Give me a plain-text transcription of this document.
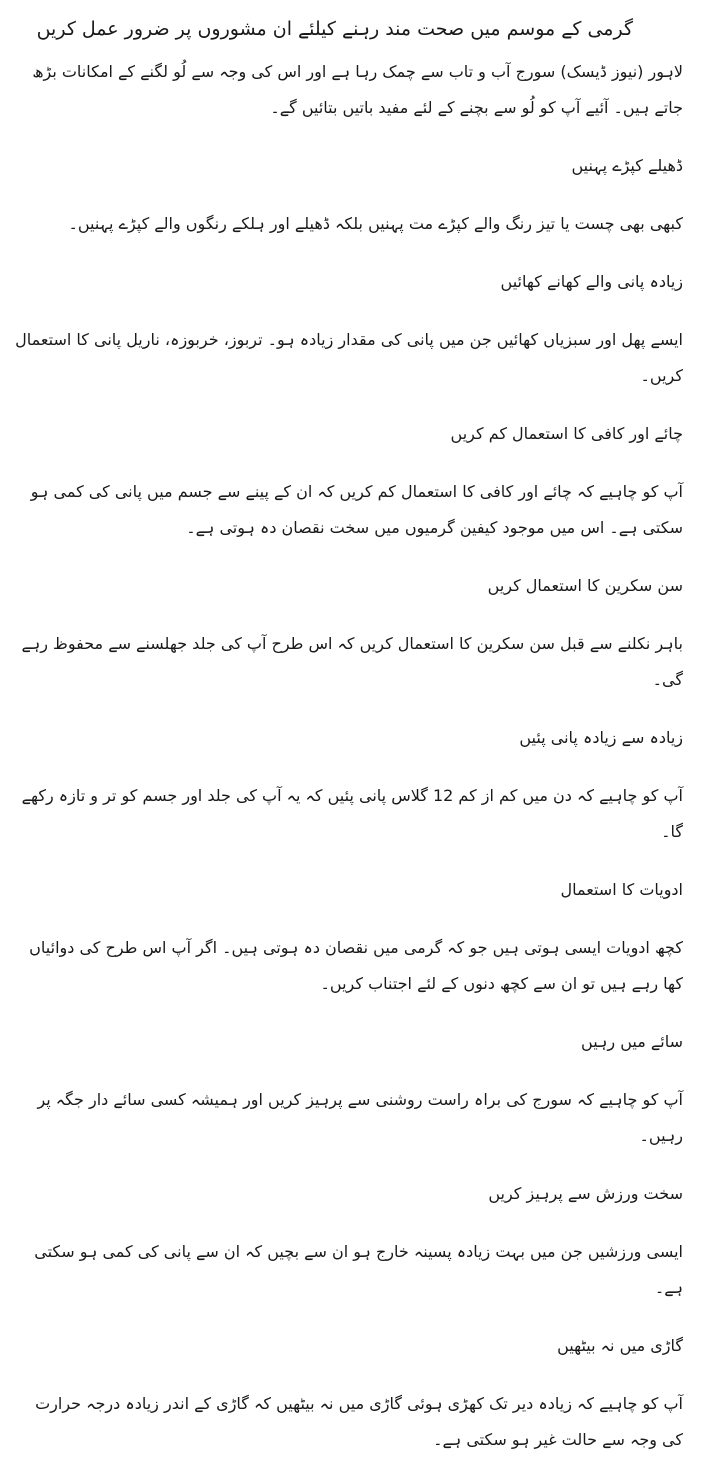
گرمی کے موسم میں صحت مند رہنے کیلئے ان مشوروں پر ضرور عمل کریں

لاہور (نیوز ڈیسک) سورج آب و تاب سے چمک رہا ہے اور اس کی وجہ سے لُو لگنے کے امکانات بڑھ جاتے ہیں۔ آئیے آپ کو لُو سے بچنے کے لئے مفید باتیں بتائیں گے۔

ڈھیلے کپڑے پہنیں

کبھی بھی چست یا تیز رنگ والے کپڑے مت پہنیں بلکہ ڈھیلے اور ہلکے رنگوں والے کپڑے پہنیں۔

زیادہ پانی والے کھانے کھائیں

ایسے پھل اور سبزیاں کھائیں جن میں پانی کی مقدار زیادہ ہو۔ تربوز، خربوزہ، ناریل پانی کا استعمال کریں۔

چائے اور کافی کا استعمال کم کریں

آپ کو چاہیے کہ چائے اور کافی کا استعمال کم کریں کہ ان کے پینے سے جسم میں پانی کی کمی ہو سکتی ہے۔ اس میں موجود کیفین گرمیوں میں سخت نقصان دہ ہوتی ہے۔

سن سکرین کا استعمال کریں

باہر نکلنے سے قبل سن سکرین کا استعمال کریں کہ اس طرح آپ کی جلد جھلسنے سے محفوظ رہے گی۔

زیادہ سے زیادہ پانی پئیں

آپ کو چاہیے کہ دن میں کم از کم 12 گلاس پانی پئیں کہ یہ آپ کی جلد اور جسم کو تر و تازہ رکھے گا۔

ادویات کا استعمال

کچھ ادویات ایسی ہوتی ہیں جو کہ گرمی میں نقصان دہ ہوتی ہیں۔ اگر آپ اس طرح کی دوائیاں کھا رہے ہیں تو ان سے کچھ دنوں کے لئے اجتناب کریں۔

سائے میں رہیں

آپ کو چاہیے کہ سورج کی براہ راست روشنی سے پرہیز کریں اور ہمیشہ کسی سائے دار جگہ پر رہیں۔

سخت ورزش سے پرہیز کریں

ایسی ورزشیں جن میں بہت زیادہ پسینہ خارج ہو ان سے بچیں کہ ان سے پانی کی کمی ہو سکتی ہے۔

گاڑی میں نہ بیٹھیں

آپ کو چاہیے کہ زیادہ دیر تک کھڑی ہوئی گاڑی میں نہ بیٹھیں کہ گاڑی کے اندر زیادہ درجہ حرارت کی وجہ سے حالت غیر ہو سکتی ہے۔
